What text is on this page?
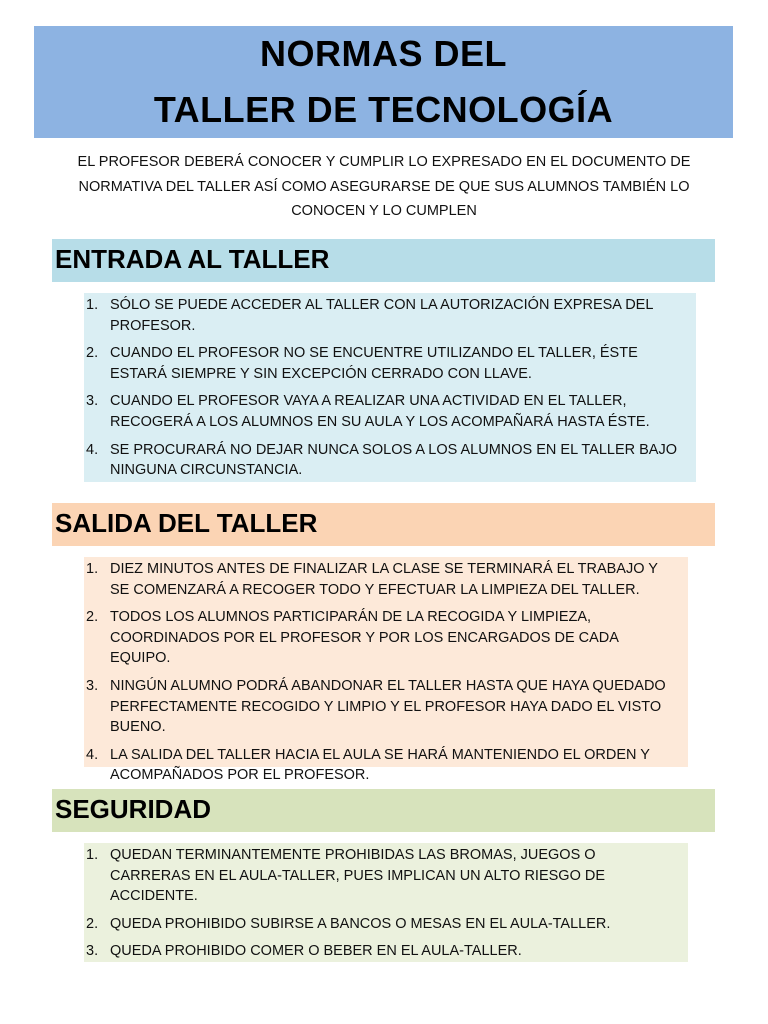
NORMAS DEL
TALLER DE TECNOLOGÍA
EL PROFESOR DEBERÁ CONOCER Y CUMPLIR LO EXPRESADO EN EL DOCUMENTO DE NORMATIVA DEL TALLER ASÍ COMO ASEGURARSE DE QUE SUS ALUMNOS TAMBIÉN LO CONOCEN Y LO CUMPLEN
ENTRADA AL TALLER
1. SÓLO SE PUEDE ACCEDER AL TALLER CON LA AUTORIZACIÓN EXPRESA DEL PROFESOR.
2. CUANDO EL PROFESOR NO SE ENCUENTRE UTILIZANDO EL TALLER, ÉSTE ESTARÁ SIEMPRE Y SIN EXCEPCIÓN CERRADO CON LLAVE.
3. CUANDO EL PROFESOR VAYA A REALIZAR UNA ACTIVIDAD EN EL TALLER, RECOGERÁ A LOS ALUMNOS EN SU AULA Y LOS ACOMPAÑARÁ HASTA ÉSTE.
4. SE PROCURARÁ NO DEJAR NUNCA SOLOS A LOS ALUMNOS EN EL TALLER BAJO NINGUNA CIRCUNSTANCIA.
SALIDA DEL TALLER
1. DIEZ MINUTOS ANTES DE FINALIZAR LA CLASE SE TERMINARÁ EL TRABAJO Y SE COMENZARÁ A RECOGER TODO Y EFECTUAR LA LIMPIEZA DEL TALLER.
2. TODOS LOS ALUMNOS PARTICIPARÁN DE LA RECOGIDA Y LIMPIEZA, COORDINADOS POR EL PROFESOR Y POR LOS ENCARGADOS DE CADA EQUIPO.
3. NINGÚN ALUMNO PODRÁ ABANDONAR EL TALLER HASTA QUE HAYA QUEDADO PERFECTAMENTE RECOGIDO Y LIMPIO Y EL PROFESOR HAYA DADO EL VISTO BUENO.
4. LA SALIDA DEL TALLER HACIA EL AULA SE HARÁ MANTENIENDO EL ORDEN Y ACOMPAÑADOS POR EL PROFESOR.
SEGURIDAD
1. QUEDAN TERMINANTEMENTE PROHIBIDAS LAS BROMAS, JUEGOS O CARRERAS EN EL AULA-TALLER, PUES IMPLICAN UN ALTO RIESGO DE ACCIDENTE.
2. QUEDA PROHIBIDO SUBIRSE A BANCOS O MESAS EN EL AULA-TALLER.
3. QUEDA PROHIBIDO COMER O BEBER EN EL AULA-TALLER.
